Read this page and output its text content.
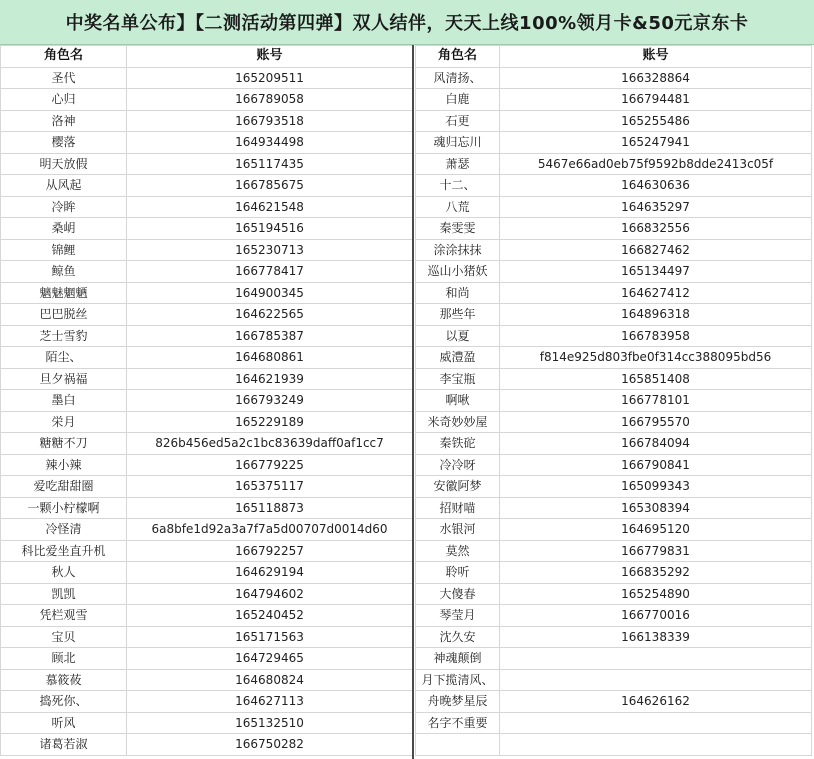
中奖名单公布】【二测活动第四弹】双人结伴，天天上线100%领月卡&50元京东卡
角色名	账号
圣代	165209511
心归	166789058
洛神	166793518
樱落	164934498
明天放假	165117435
从风起	166785675
冷眸	164621548
桑岄	165194516
锦鲤	165230713
鲸鱼	166778417
魑魅魍魉	164900345
巴巴脱丝	164622565
芝士雪豹	166785387
陌尘、	164680861
旦夕祸福	164621939
墨白	166793249
栄月	165229189
糖糖不刀	826b456ed5a2c1bc83639daff0af1cc7
辣小辣	166779225
爱吃甜甜圈	165375117
一颗小柠檬啊	165118873
冷怪清	6a8bfe1d92a3a7f7a5d00707d0014d60
科比爱坐直升机	166792257
秋人	164629194
凯凯	164794602
凭栏观雪	165240452
宝贝	165171563
顾北	164729465
慕筱莜	164680824
捣死你、	164627113
听风	165132510
诸葛若淑	166750282
角色名	账号
风清扬、	166328864
白鹿	166794481
石更	165255486
魂归忘川	165247941
萧瑟	5467e66ad0eb75f9592b8dde2413c05f
十二、	164630636
八荒	164635297
秦雯雯	166832556
涂涂抹抹	166827462
巡山小猪妖	165134497
和尚	164627412
那些年	164896318
以夏	166783958
威澧盈	f814e925d803fbe0f314cc388095bd56
李宝瓶	165851408
啊啾	166778101
米奇妙妙屋	166795570
秦铁砣	166784094
冷冷呀	166790841
安徽阿梦	165099343
招财喵	165308394
水银河	164695120
莫然	166779831
聆听	166835292
大傻春	165254890
琴莹月	166770016
沈久安	166138339
神魂颠倒	
月下揽清风、	
舟晚梦星辰	164626162
名字不重要	
